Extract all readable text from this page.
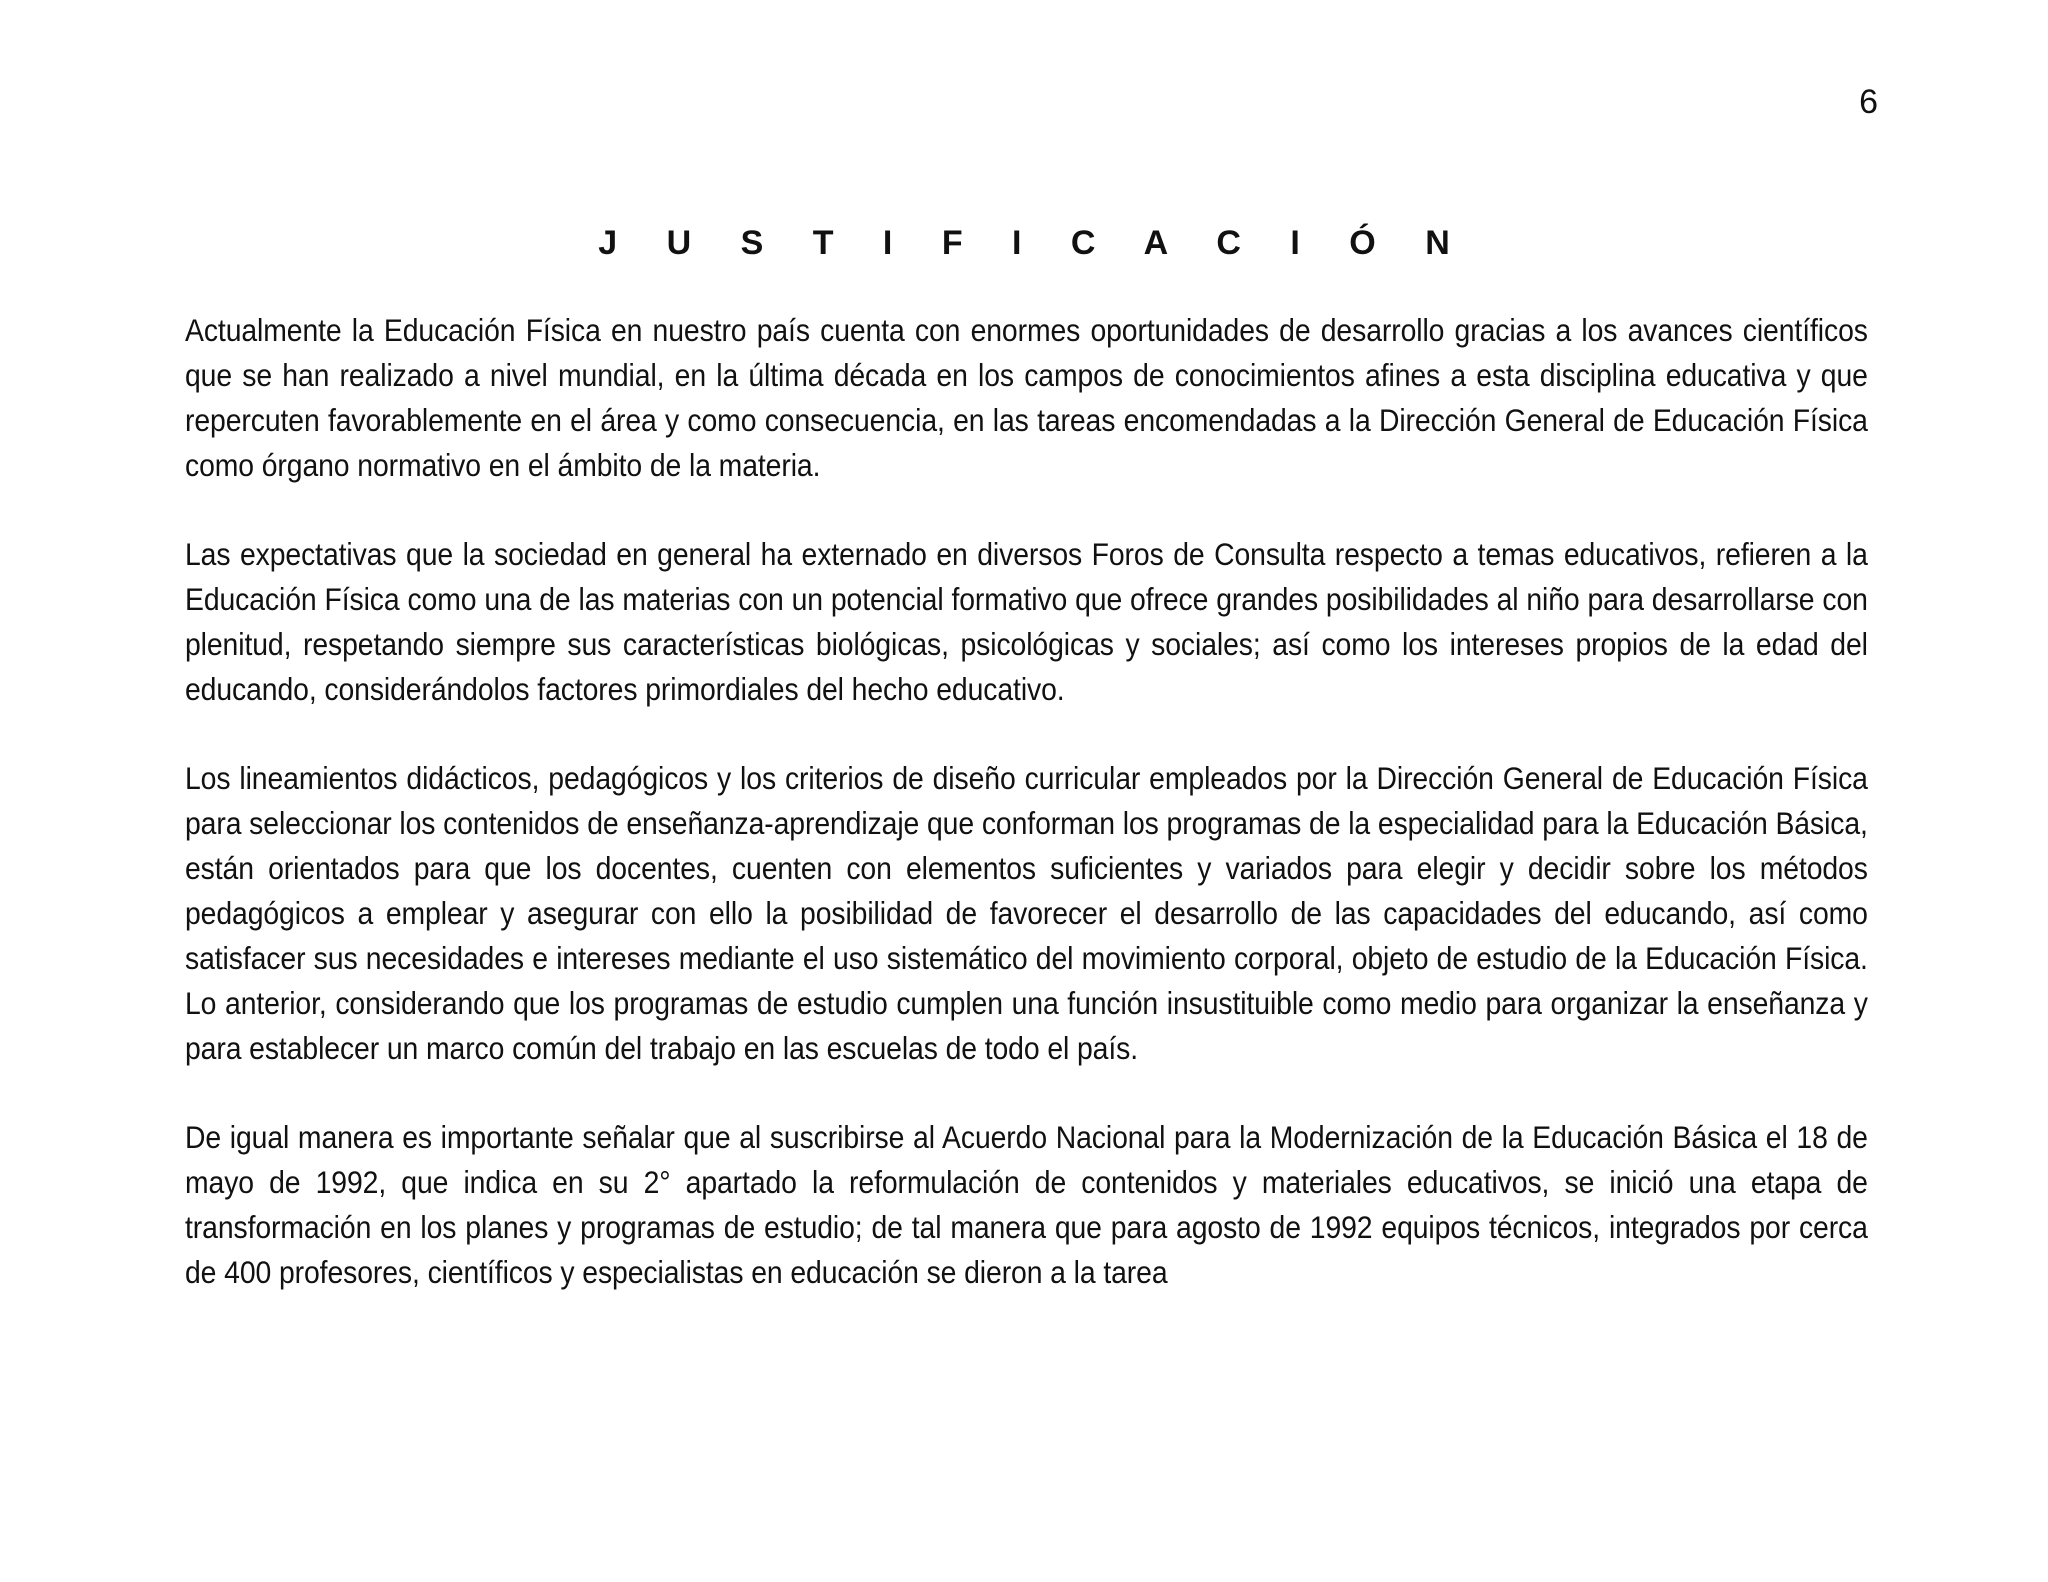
6
J U S T I F I C A C I Ó N

Actualmente la Educación Física en nuestro país cuenta con enormes oportunidades de desarrollo gracias a los avances científicos que se han realizado a nivel mundial, en la última década en los campos de conocimientos afines a esta disciplina educativa y que repercuten favorablemente en el área y como consecuencia, en las tareas encomendadas a la Dirección General de Educación Física como órgano normativo en el ámbito de la materia.

Las expectativas que la sociedad en general ha externado en diversos Foros de Consulta respecto a temas educativos, refieren a la Educación Física como una de las materias con un potencial formativo que ofrece grandes posibilidades al niño para desarrollarse con plenitud, respetando siempre sus características biológicas, psicológicas y sociales; así como los intereses propios de la edad del educando, considerándolos factores primordiales del hecho educativo.

Los lineamientos didácticos, pedagógicos y los criterios de diseño curricular empleados por la Dirección General de Educación Física para seleccionar los contenidos de enseñanza-aprendizaje que conforman los programas de la especialidad para la Educación Básica, están orientados para que los docentes, cuenten con elementos suficientes y variados para elegir y decidir sobre los métodos pedagógicos a emplear y asegurar con ello la posibilidad de favorecer el desarrollo de las capacidades del educando, así como satisfacer sus necesidades e intereses mediante el uso sistemático del movimiento corporal, objeto de estudio de la Educación Física. Lo anterior, considerando que los programas de estudio cumplen una función insustituible como medio para organizar la enseñanza y para establecer un marco común del trabajo en las escuelas de todo el país.

De igual manera es importante señalar que al suscribirse al Acuerdo Nacional para la Modernización de la Educación Básica el 18 de mayo de 1992, que indica en su 2° apartado la reformulación de contenidos y materiales educativos, se inició una etapa de transformación en los planes y programas de estudio; de tal manera que para agosto de 1992 equipos técnicos, integrados por cerca de 400 profesores, científicos y especialistas en educación se dieron a la tarea
